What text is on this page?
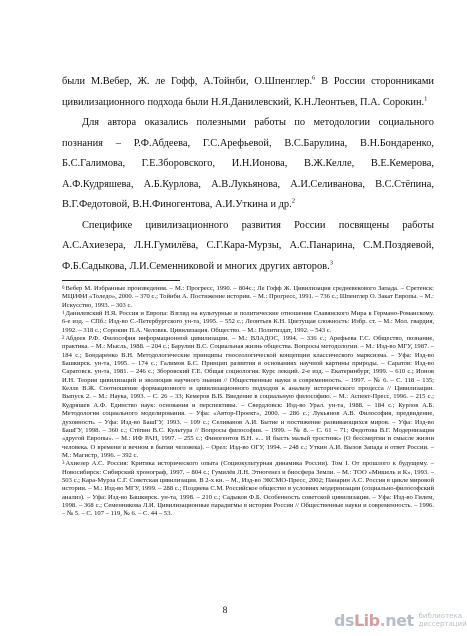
были М.Вебер, Ж. ле Гофф, А.Тойнби, О.Шпенглер.$^6$ В России сторонниками цивилизационного подхода были Н.Я.Данилевский, К.Н.Леонтьев, П.А. Сорокин.$^1$

Для автора оказались полезными работы по методологии социального познания – Р.Ф.Абдеева, Г.С.Арефьевой, В.С.Барулина, В.Н.Бондаренко, Б.С.Галимова, Г.Е.Зборовского, И.Н.Ионова, В.Ж.Келле, В.Е.Кемерова, А.Ф.Кудряшева, А.Б.Курлова, А.В.Лукьянова, А.И.Селиванова, В.С.Стёпина, В.Г.Федотовой, В.Н.Финогентова, А.И.Уткина и др.$^2$

Спецификe цивилизационного развития России посвящены работы А.С.Ахиезера, Л.Н.Гумилёва, С.Г.Кара-Мурзы, А.С.Панарина, С.М.Поздяевой, Ф.Б.Садыкова, Л.И.Семенниковой и многих других авторов.$^3$

$^6$Вебер М. Избранные произведения. – М.: Прогресс, 1990. – 804с.; Ле Гофф Ж. Цивилизация средневекового Запада. – Сретенск: МЦИФИ «Толедо», 2000. – 370 с.; Тойнби А. Постижение истории. – М.: Прогресс, 1991. – 736 с.; Шпенглер О. Закат Европы. – М.: Искусство, 1993. – 303 с.

$^1$Данилевский Н.Я. Россия и Европа: Взгляд на культурные и политические отношения Славянского Мира к Германо-Романскому. 6-е изд. – СПб.: Изд-во С.-Петербургского ун-та, 1995. – 552 с.; Леонтьев К.Н. Цветущая сложность: Избр. ст. – М.: Мол. гвардия, 1992. – 318 с.; Сорокин П.А. Человек. Цивилизация. Общество. – М.: Политиздат, 1992. – 543 с.

$^2$Абдеев Р.Ф. Философия информационной цивилизации. – М.: ВЛАДОС, 1994. – 336 с.; Арефьева Г.С. Общество, познание, практика. – М.: Мысль, 1988. – 204 с.; Барулин В.С. Социальная жизнь общества. Вопросы методологии. – М.: Изд-во МГУ, 1987. – 184 с.; Бондаренко В.Н. Методологические принципы гносеологической концепции классического марксизма. – Уфа: Изд-во Башкирск. ун-та, 1995. – 174 с.; Галимов Б.С. Принцип развития в основаниях научной картины природы. – Саратов: Изд-во Саратовск. ун-та, 1981. – 246 с.; Зборовский Г.Е. Общая социология. Курс лекций. 2-е изд. – Екатеринбург, 1999. – 610 с.; Ионов И.Н. Теория цивилизаций и эволюция научного знания // Общественные науки и современность. – 1997. – № 6. – С. 118 – 135; Келле В.Ж. Соотношение формационного и цивилизационного подходов к анализу исторического процесса // Цивилизации. Выпуск 2. – М.: Наука, 1993. – С. 26 – 33; Кемеров В.В. Введение в социальную философию. – М.: Аспект-Пресс, 1996. – 215 с.; Кудряшев А.Ф. Единство наук: основания и перспективы. – Свердловск: Изд-во Урал. ун-та, 1988. – 184 с.; Курлов А.Б. Методология социального моделирования. – Уфа: «Автор-Проект», 2000. – 286 с.; Лукьянов А.В. Философия, предвидение, духовность. – Уфа: Изд-во БашГУ, 1993. – 109 с.; Селиванов А.И. Бытие и постижение развивающихся миров. – Уфа: Изд-во БашГУ, 1998. – 360 с.; Стёпин В.С. Культура // Вопросы философии. – 1999. – № 8. – С. 61 – 71; Федотова В.Г. Модернизация «другой Европы». – М.: ИФ РАН, 1997. – 255 с.; Финогентов В.Н. «... И бысть малый тростник» (О бессмертии и смысле жизни человека. О времени и вечном в бытии человека). – Орел: Изд-во ОГУ, 1994. – 248 с.; Уткин А.И. Вызов Запада и ответ России. – М.: Магистр, 1996. – 392 с.

$^3$Ахиезер А.С. Россия: Критика исторического опыта (Социокультурная динамика России). Том I. От прошлого к будущему. – Новосибирск: Сибирский хронограф, 1997. – 804 с.; Гумилёв Л.Н. Этногенез и биосфера Земли. – М.: ТОО «Мишель и К», 1993. – 503 с.; Кара-Мурза С.Г. Советская цивилизация. В 2-х кн. – М., Изд-во ЭКСМО-Пресс, 2002; Панарин А.С. Россия в цикле мировой истории. – М.: Изд-во МГУ, 1999. – 288 с.; Поздяева С.М. Российское общество в условиях модернизации (социально-философский анализ). – Уфа: Изд-во Башкирск. ун-та, 1998. – 210 с.; Садыков Ф.Б. Особенность советской цивилизации. – Уфа: Изд-во Гилем, 1998. – 368 с.; Семенникова Л.И. Цивилизационные парадигмы в истории России // Общественные науки и современность. – 1996. – № 5. – С. 107 – 119, № 6. – С. 44 – 53.

8	dsLib.net библиотека диссертаций
